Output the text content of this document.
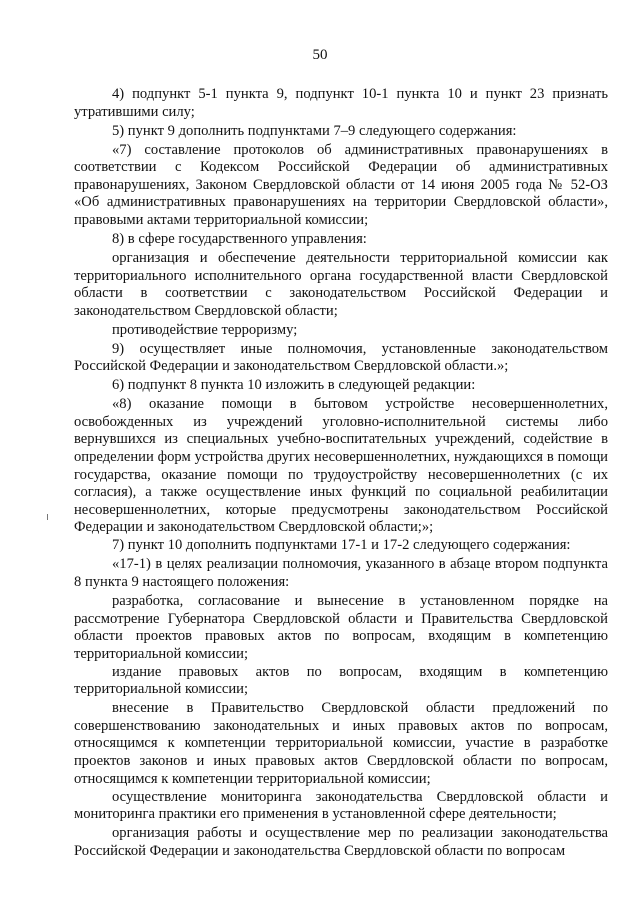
50

4) подпункт 5-1 пункта 9, подпункт 10-1 пункта 10 и пункт 23 признать утратившими силу;

5) пункт 9 дополнить подпунктами 7–9 следующего содержания:

«7) составление протоколов об административных правонарушениях в соответствии с Кодексом Российской Федерации об административных правонарушениях, Законом Свердловской области от 14 июня 2005 года № 52-ОЗ «Об административных правонарушениях на территории Свердловской области», правовыми актами территориальной комиссии;

8) в сфере государственного управления:

организация и обеспечение деятельности территориальной комиссии как территориального исполнительного органа государственной власти Свердловской области в соответствии с законодательством Российской Федерации и законодательством Свердловской области;

противодействие терроризму;

9) осуществляет иные полномочия, установленные законодательством Российской Федерации и законодательством Свердловской области.»;

6) подпункт 8 пункта 10 изложить в следующей редакции:

«8) оказание помощи в бытовом устройстве несовершеннолетних, освобожденных из учреждений уголовно-исполнительной системы либо вернувшихся из специальных учебно-воспитательных учреждений, содействие в определении форм устройства других несовершеннолетних, нуждающихся в помощи государства, оказание помощи по трудоустройству несовершеннолетних (с их согласия), а также осуществление иных функций по социальной реабилитации несовершеннолетних, которые предусмотрены законодательством Российской Федерации и законодательством Свердловской области;»;

7) пункт 10 дополнить подпунктами 17-1 и 17-2 следующего содержания:

«17-1) в целях реализации полномочия, указанного в абзаце втором подпункта 8 пункта 9 настоящего положения:

разработка, согласование и вынесение в установленном порядке на рассмотрение Губернатора Свердловской области и Правительства Свердловской области проектов правовых актов по вопросам, входящим в компетенцию территориальной комиссии;

издание правовых актов по вопросам, входящим в компетенцию территориальной комиссии;

внесение в Правительство Свердловской области предложений по совершенствованию законодательных и иных правовых актов по вопросам, относящимся к компетенции территориальной комиссии, участие в разработке проектов законов и иных правовых актов Свердловской области по вопросам, относящимся к компетенции территориальной комиссии;

осуществление мониторинга законодательства Свердловской области и мониторинга практики его применения в установленной сфере деятельности;

организация работы и осуществление мер по реализации законодательства Российской Федерации и законодательства Свердловской области по вопросам
